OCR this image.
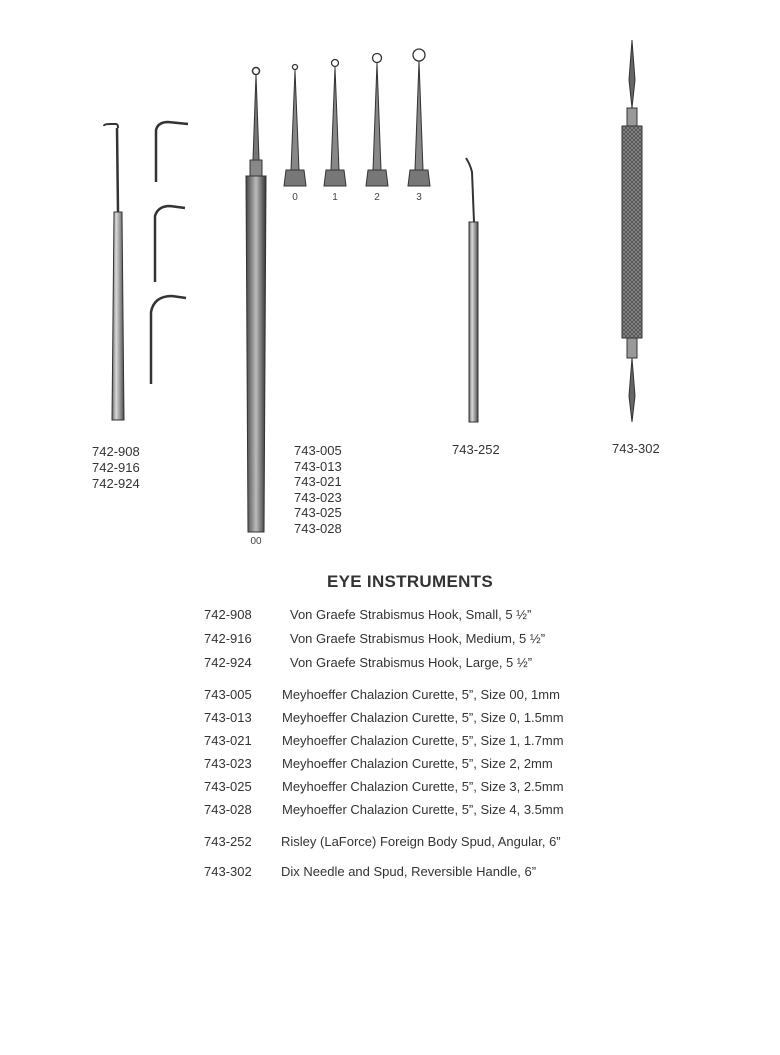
742-908
742-916
742-924
00
0	1	2	3
743-005
743-013
743-021
743-023
743-025
743-028
743-252	743-302
EYE INSTRUMENTS
742-908	Von Graefe Strabismus Hook, Small, 5 ½”
742-916	Von Graefe Strabismus Hook, Medium, 5 ½”
742-924	Von Graefe Strabismus Hook, Large, 5 ½”
743-005 Meyhoeffer Chalazion Curette, 5”, Size 00, 1mm
743-013 Meyhoeffer Chalazion Curette, 5”, Size 0, 1.5mm
743-021 Meyhoeffer Chalazion Curette, 5”, Size 1, 1.7mm
743-023 Meyhoeffer Chalazion Curette, 5”, Size 2, 2mm
743-025 Meyhoeffer Chalazion Curette, 5”, Size 3, 2.5mm
743-028 Meyhoeffer Chalazion Curette, 5”, Size 4, 3.5mm
743-252 Risley (LaForce) Foreign Body Spud, Angular, 6”
743-302 Dix Needle and Spud, Reversible Handle, 6”
